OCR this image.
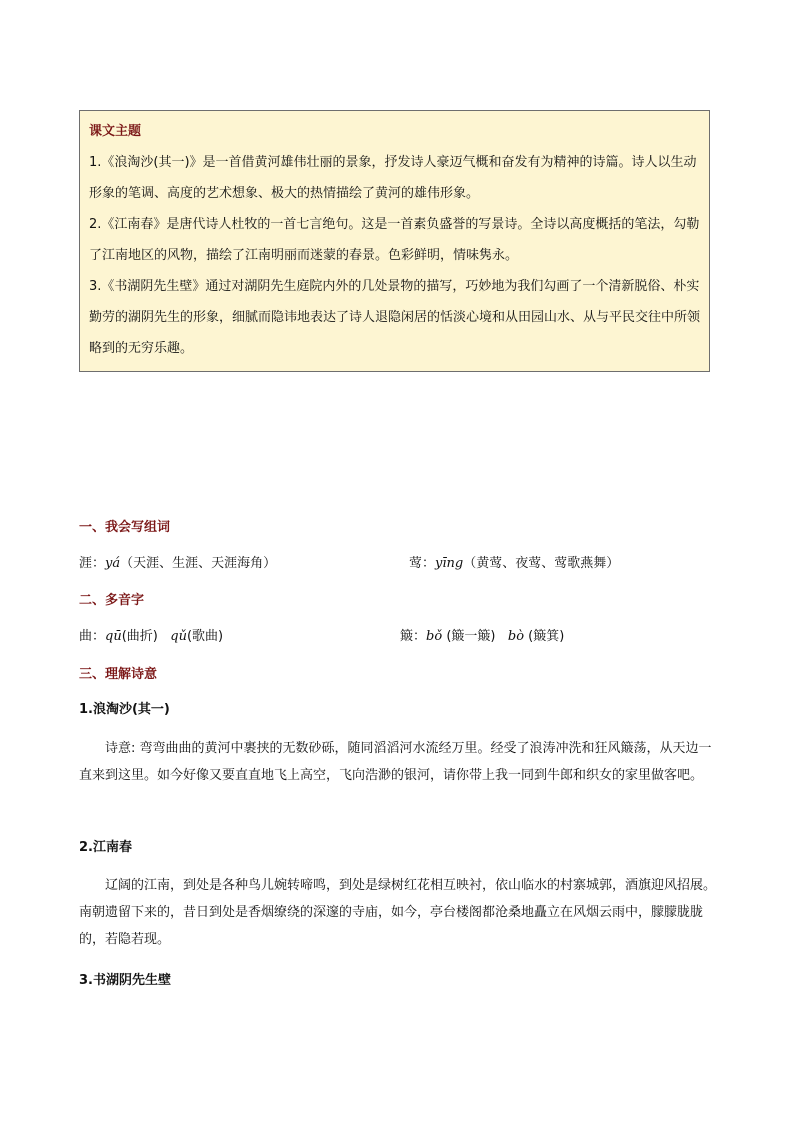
课文主题

1.《浪淘沙(其一)》是一首借黄河雄伟壮丽的景象，抒发诗人豪迈气概和奋发有为精神的诗篇。诗人以生动形象的笔调、高度的艺术想象、极大的热情描绘了黄河的雄伟形象。

2.《江南春》是唐代诗人杜牧的一首七言绝句。这是一首素负盛誉的写景诗。全诗以高度概括的笔法，勾勒了江南地区的风物，描绘了江南明丽而迷蒙的春景。色彩鲜明，情味隽永。

3.《书湖阴先生壁》通过对湖阴先生庭院内外的几处景物的描写，巧妙地为我们勾画了一个清新脱俗、朴实勤劳的湖阴先生的形象，细腻而隐讳地表达了诗人退隐闲居的恬淡心境和从田园山水、从与平民交往中所领略到的无穷乐趣。

一、我会写组词
涯：yá（天涯、生涯、天涯海角）	莺：yīng（黄莺、夜莺、莺歌燕舞）
二、多音字
曲：qū(曲折) qǔ(歌曲)	簸：bǒ (簸一簸) bò (簸箕)
三、理解诗意
1.浪淘沙(其一)

诗意: 弯弯曲曲的黄河中裹挟的无数砂砾，随同滔滔河水流经万里。经受了浪涛冲洗和狂风簸荡，从天边一直来到这里。如今好像又要直直地飞上高空，飞向浩渺的银河，请你带上我一同到牛郎和织女的家里做客吧。

2.江南春

辽阔的江南，到处是各种鸟儿婉转啼鸣，到处是绿树红花相互映衬，依山临水的村寨城郭，酒旗迎风招展。南朝遗留下来的，昔日到处是香烟缭绕的深邃的寺庙，如今，亭台楼阁都沧桑地矗立在风烟云雨中，朦朦胧胧的，若隐若现。

3.书湖阴先生壁
